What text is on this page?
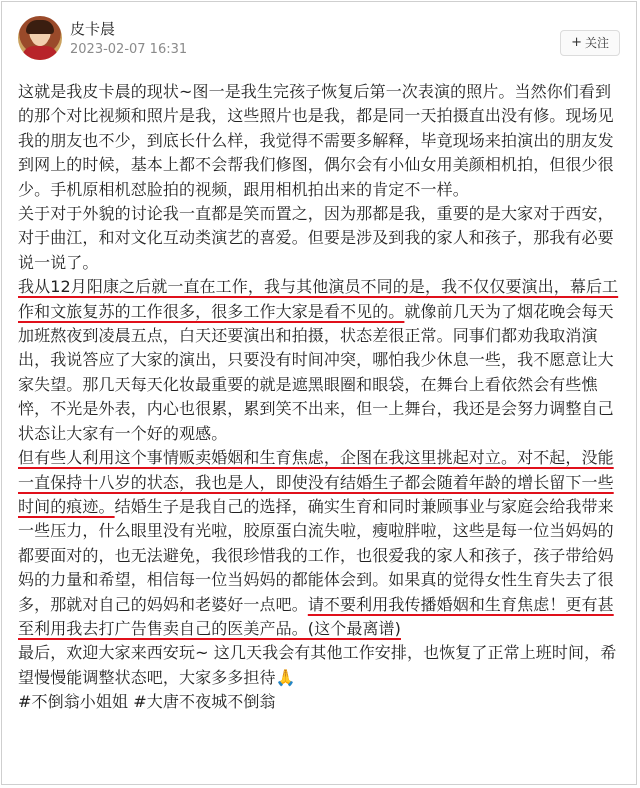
皮卡晨
2023-02-07 16:31	+ 关注

这就是我皮卡晨的现状~图一是我生完孩子恢复后第一次表演的照片。当然你们看到的那个对比视频和照片是我，这些照片也是我，都是同一天拍摄直出没有修。现场见我的朋友也不少，到底长什么样，我觉得不需要多解释，毕竟现场来拍演出的朋友发到网上的时候，基本上都不会帮我们修图，偶尔会有小仙女用美颜相机拍，但很少很少。手机原相机怼脸拍的视频，跟用相机拍出来的肯定不一样。

关于对于外貌的讨论我一直都是笑而置之，因为那都是我，重要的是大家对于西安，对于曲江，和对文化互动类演艺的喜爱。但要是涉及到我的家人和孩子，那我有必要说一说了。

我从12月阳康之后就一直在工作，我与其他演员不同的是，我不仅仅要演出，幕后工作和文旅复苏的工作很多，很多工作大家是看不见的。就像前几天为了烟花晚会每天加班熬夜到凌晨五点，白天还要演出和拍摄，状态差很正常。同事们都劝我取消演出，我说答应了大家的演出，只要没有时间冲突，哪怕我少休息一些，我不愿意让大家失望。那几天每天化妆最重要的就是遮黑眼圈和眼袋，在舞台上看依然会有些憔悴，不光是外表，内心也很累，累到笑不出来，但一上舞台，我还是会努力调整自己状态让大家有一个好的观感。

但有些人利用这个事情贩卖婚姻和生育焦虑，企图在我这里挑起对立。对不起，没能一直保持十八岁的状态，我也是人，即使没有结婚生子都会随着年龄的增长留下一些时间的痕迹。结婚生子是我自己的选择，确实生育和同时兼顾事业与家庭会给我带来一些压力，什么眼里没有光啦，胶原蛋白流失啦，瘦啦胖啦，这些是每一位当妈妈的都要面对的，也无法避免，我很珍惜我的工作，也很爱我的家人和孩子，孩子带给妈妈的力量和希望，相信每一位当妈妈的都能体会到。如果真的觉得女性生育失去了很多，那就对自己的妈妈和老婆好一点吧。请不要利用我传播婚姻和生育焦虑！更有甚至利用我去打广告售卖自己的医美产品。(这个最离谱)

最后，欢迎大家来西安玩~ 这几天我会有其他工作安排，也恢复了正常上班时间，希望慢慢能调整状态吧，大家多多担待🙏

#不倒翁小姐姐 #大唐不夜城不倒翁
